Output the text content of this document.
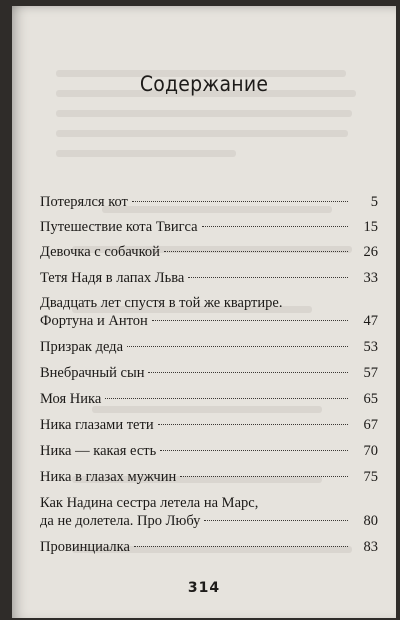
Содержание
Потерялся кот	5
Путешествие кота Твигса	15
Девочка с собачкой	26
Тетя Надя в лапах Льва	33
Двадцать лет спустя в той же квартире.
Фортуна и Антон	47
Призрак деда	53
Внебрачный сын	57
Моя Ника	65
Ника глазами тети	67
Ника — какая есть	70
Ника в глазах мужчин	75
Как Надина сестра летела на Марс,
да не долетела. Про Любу	80
Провинциалка	83
314
